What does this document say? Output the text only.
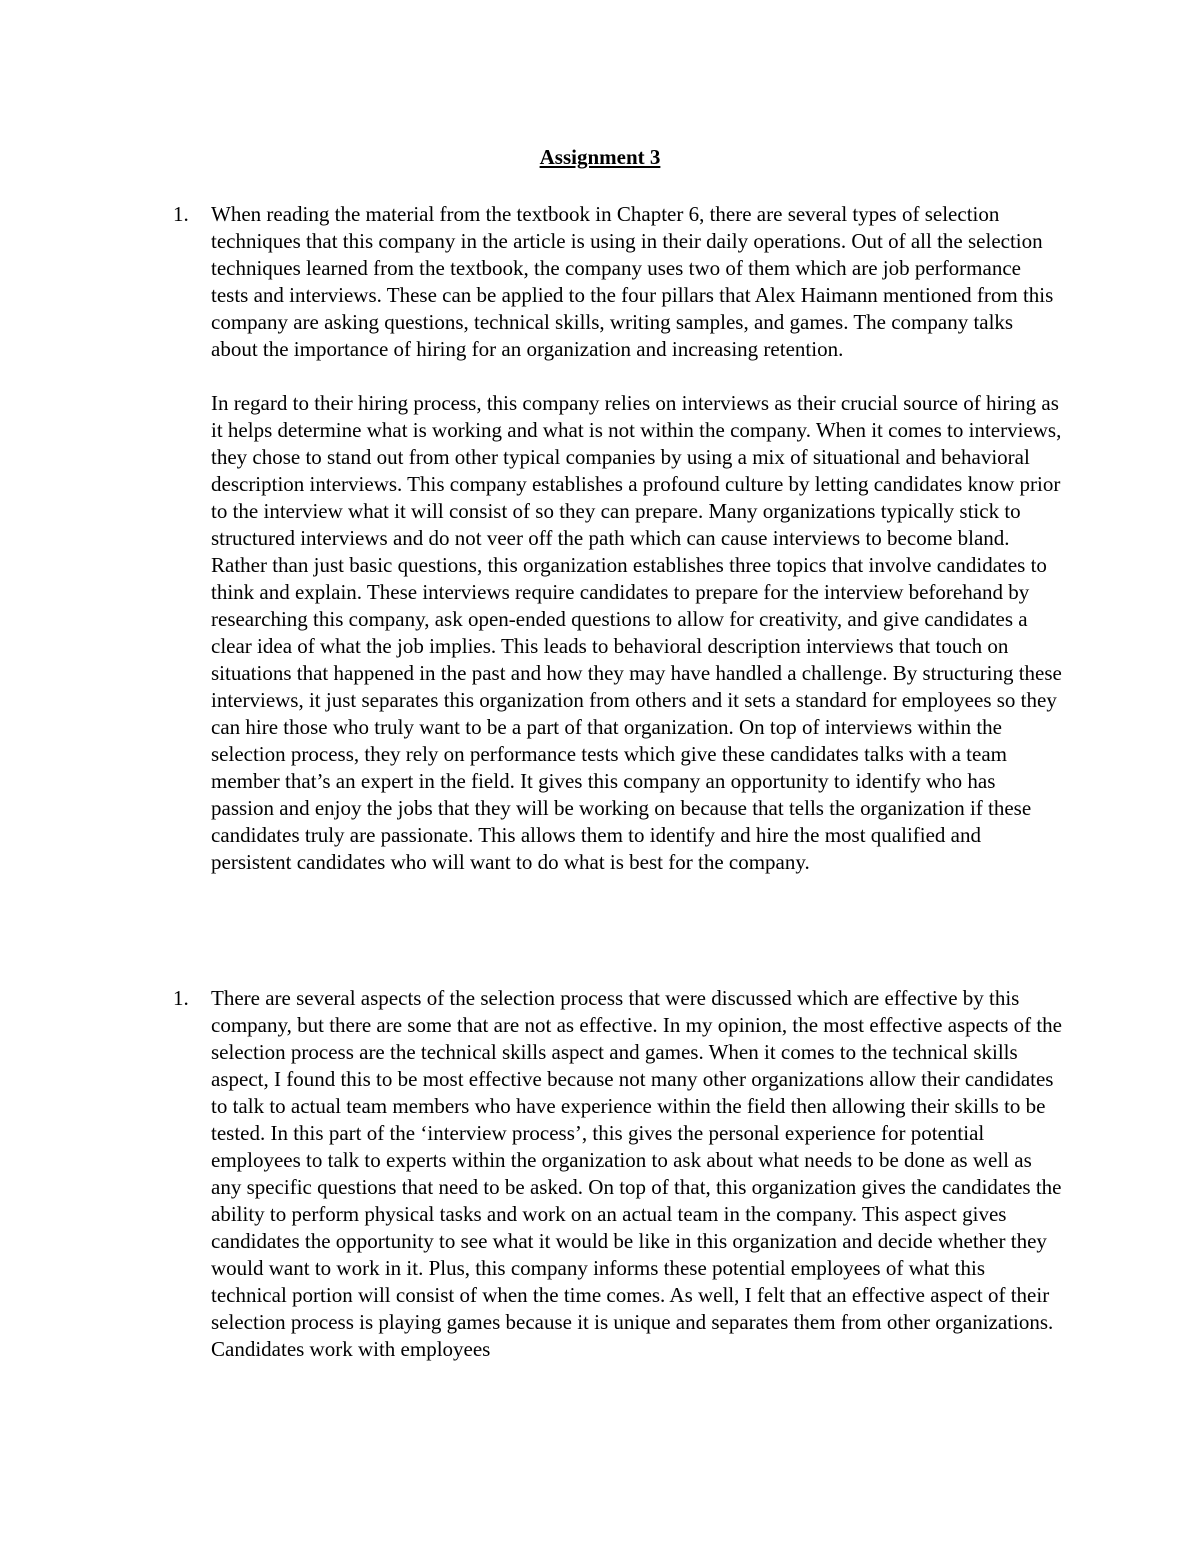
Assignment 3
1.	When reading the material from the textbook in Chapter 6, there are several types of selection techniques that this company in the article is using in their daily operations. Out of all the selection techniques learned from the textbook, the company uses two of them which are job performance tests and interviews. These can be applied to the four pillars that Alex Haimann mentioned from this company are asking questions, technical skills, writing samples, and games. The company talks about the importance of hiring for an organization and increasing retention.

In regard to their hiring process, this company relies on interviews as their crucial source of hiring as it helps determine what is working and what is not within the company. When it comes to interviews, they chose to stand out from other typical companies by using a mix of situational and behavioral description interviews. This company establishes a profound culture by letting candidates know prior to the interview what it will consist of so they can prepare. Many organizations typically stick to structured interviews and do not veer off the path which can cause interviews to become bland. Rather than just basic questions, this organization establishes three topics that involve candidates to think and explain. These interviews require candidates to prepare for the interview beforehand by researching this company, ask open-ended questions to allow for creativity, and give candidates a clear idea of what the job implies. This leads to behavioral description interviews that touch on situations that happened in the past and how they may have handled a challenge. By structuring these interviews, it just separates this organization from others and it sets a standard for employees so they can hire those who truly want to be a part of that organization. On top of interviews within the selection process, they rely on performance tests which give these candidates talks with a team member that’s an expert in the field. It gives this company an opportunity to identify who has passion and enjoy the jobs that they will be working on because that tells the organization if these candidates truly are passionate. This allows them to identify and hire the most qualified and persistent candidates who will want to do what is best for the company.

1.	There are several aspects of the selection process that were discussed which are effective by this company, but there are some that are not as effective. In my opinion, the most effective aspects of the selection process are the technical skills aspect and games. When it comes to the technical skills aspect, I found this to be most effective because not many other organizations allow their candidates to talk to actual team members who have experience within the field then allowing their skills to be tested. In this part of the ‘interview process’, this gives the personal experience for potential employees to talk to experts within the organization to ask about what needs to be done as well as any specific questions that need to be asked. On top of that, this organization gives the candidates the ability to perform physical tasks and work on an actual team in the company. This aspect gives candidates the opportunity to see what it would be like in this organization and decide whether they would want to work in it. Plus, this company informs these potential employees of what this technical portion will consist of when the time comes. As well, I felt that an effective aspect of their selection process is playing games because it is unique and separates them from other organizations. Candidates work with employees
